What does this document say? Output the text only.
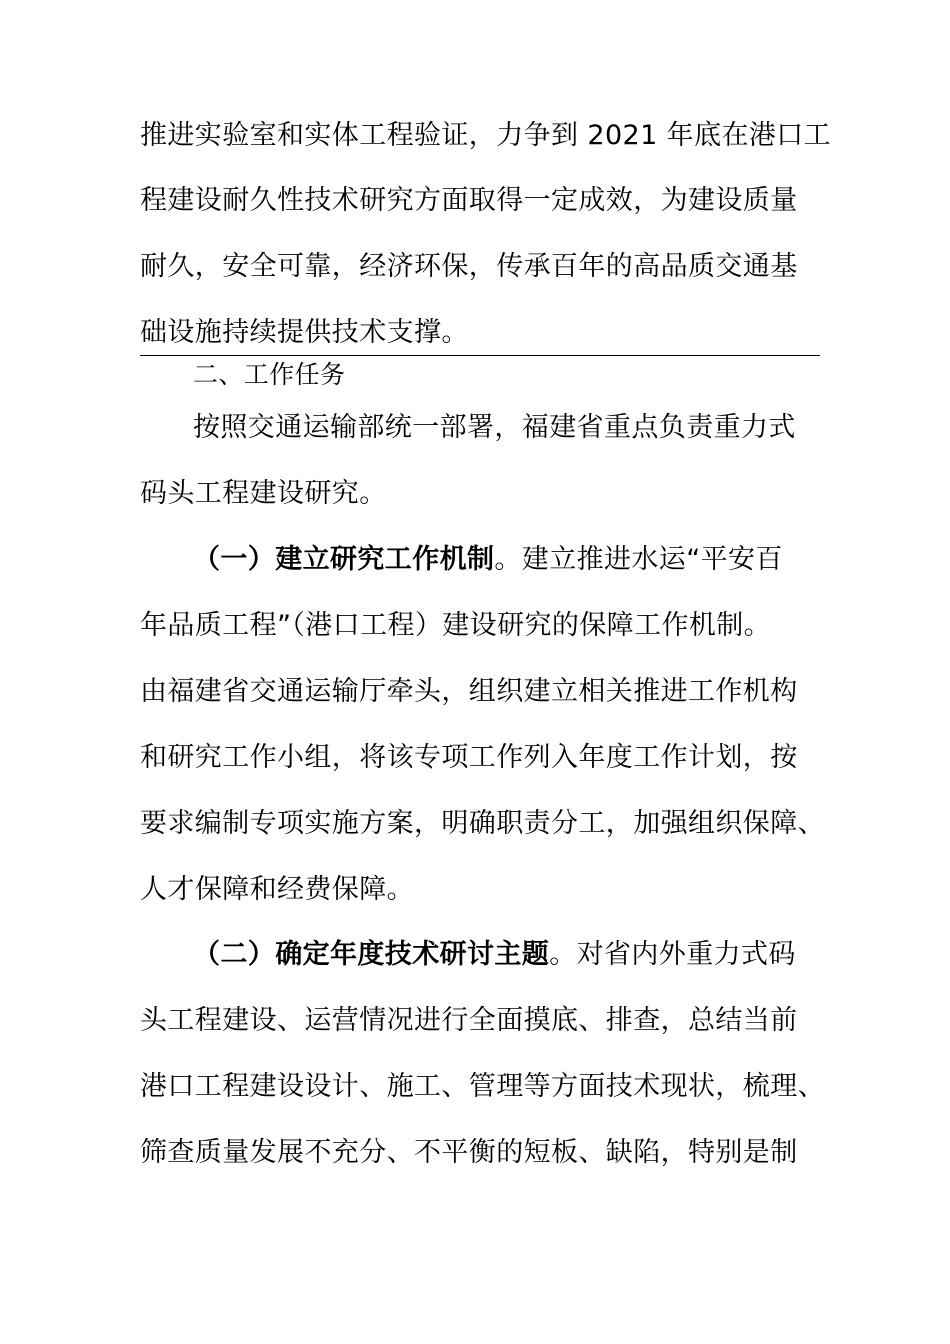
推进实验室和实体工程验证，力争到 2021 年底在港口工
程建设耐久性技术研究方面取得一定成效，为建设质量
耐久，安全可靠，经济环保，传承百年的高品质交通基
础设施持续提供技术支撑。
二、工作任务
按照交通运输部统一部署，福建省重点负责重力式
码头工程建设研究。
（一）建立研究工作机制。建立推进水运“平安百
年品质工程”（港口工程）建设研究的保障工作机制。
由福建省交通运输厅牵头，组织建立相关推进工作机构
和研究工作小组，将该专项工作列入年度工作计划，按
要求编制专项实施方案，明确职责分工，加强组织保障、
人才保障和经费保障。
（二）确定年度技术研讨主题。对省内外重力式码
头工程建设、运营情况进行全面摸底、排查，总结当前
港口工程建设设计、施工、管理等方面技术现状，梳理、
筛查质量发展不充分、不平衡的短板、缺陷，特别是制
